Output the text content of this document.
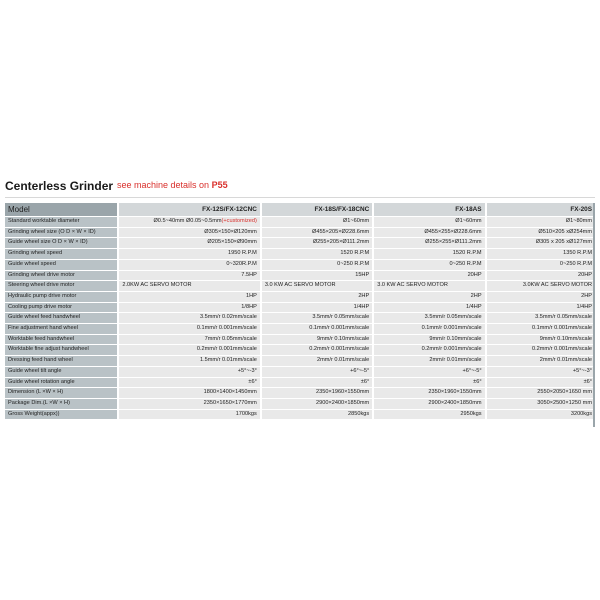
Centerless Grinder see machine details on P55
Model		FX-12S/FX-12CNC		FX-18S/FX-18CNC		FX-18AS		FX-20S
Standard worktable diameter		Ø0.5~40mm Ø0.05~0.5mm(+customized)		Ø1~60mm		Ø1~60mm		Ø1~80mm
Grinding wheel size (O D × W × ID)		Ø305×150×Ø120mm		Ø455×205×Ø228.6mm		Ø455×255×Ø228.6mm		Ø510×205 xØ254mm
Guide wheel size O D × W × ID)		Ø205×150×Ø90mm		Ø255×205×Ø111.2mm		Ø255×255×Ø111.2mm		Ø305 x 205 xØ127mm
Grinding wheel speed		1950 R.P.M		1520 R.P.M		1520 R.P.M		1350 R.P.M
Guide wheel speed		0~320R.P.M		0~250 R.P.M		0~250 R.P.M		0~250 R.P.M
Grinding wheel drive motor		7.5HP		15HP		20HP		20HP
Steering wheel drive motor		2.0KW AC SERVO MOTOR		3.0 KW AC SERVO MOTOR		3.0 KW AC SERVO MOTOR		3.0KW AC SERVO MOTOR
Hydraulic pump drive motor		1HP		2HP		2HP		2HP
Cooling pump drive motor		1/8HP		1/4HP		1/4HP		1/4HP
Guide wheel feed handwheel		3.5mm/r 0.02mm/scale		3.5mm/r 0.05mm/scale		3.5mm/r 0.05mm/scale		3.5mm/r 0.05mm/scale
Fine adjustment hand wheel		0.1mm/r 0.001mm/scale		0.1mm/r 0.001mm/scale		0.1mm/r 0.001mm/scale		0.1mm/r 0.001mm/scale
Worktable feed handwheel		7mm/r 0.05mm/scale		9mm/r 0.10mm/scale		9mm/r 0.10mm/scale		9mm/r 0.10mm/scale
Worktable fine adjust handwheel		0.2mm/r 0.001mm/scale		0.2mm/r 0.001mm/scale		0.2mm/r 0.001mm/scale		0.2mm/r 0.001mm/scale
Dressing feed hand wheel		1.5mm/r 0.01mm/scale		2mm/r 0.01mm/scale		2mm/r 0.01mm/scale		2mm/r 0.01mm/scale
Guide wheel tilt angle		+5°~-3°		+6°~-5°		+6°~-5°		+5°~-3°
Guide wheel rotation angle		±6°		±6°		±6°		±6°
Dimension (L ×W × H)		1800×1400×1450mm		2350×1960×1550mm		2350×1960×1550mm		2550×2050×1650 mm
Package Dim.(L ×W × H)		2350×1650×1770mm		2900×2400×1850mm		2900×2400×1850mm		3050×2500×1250 mm
Gross Weight(appx))		1700kgs		2850kgs		2950kgs		3200kgs
